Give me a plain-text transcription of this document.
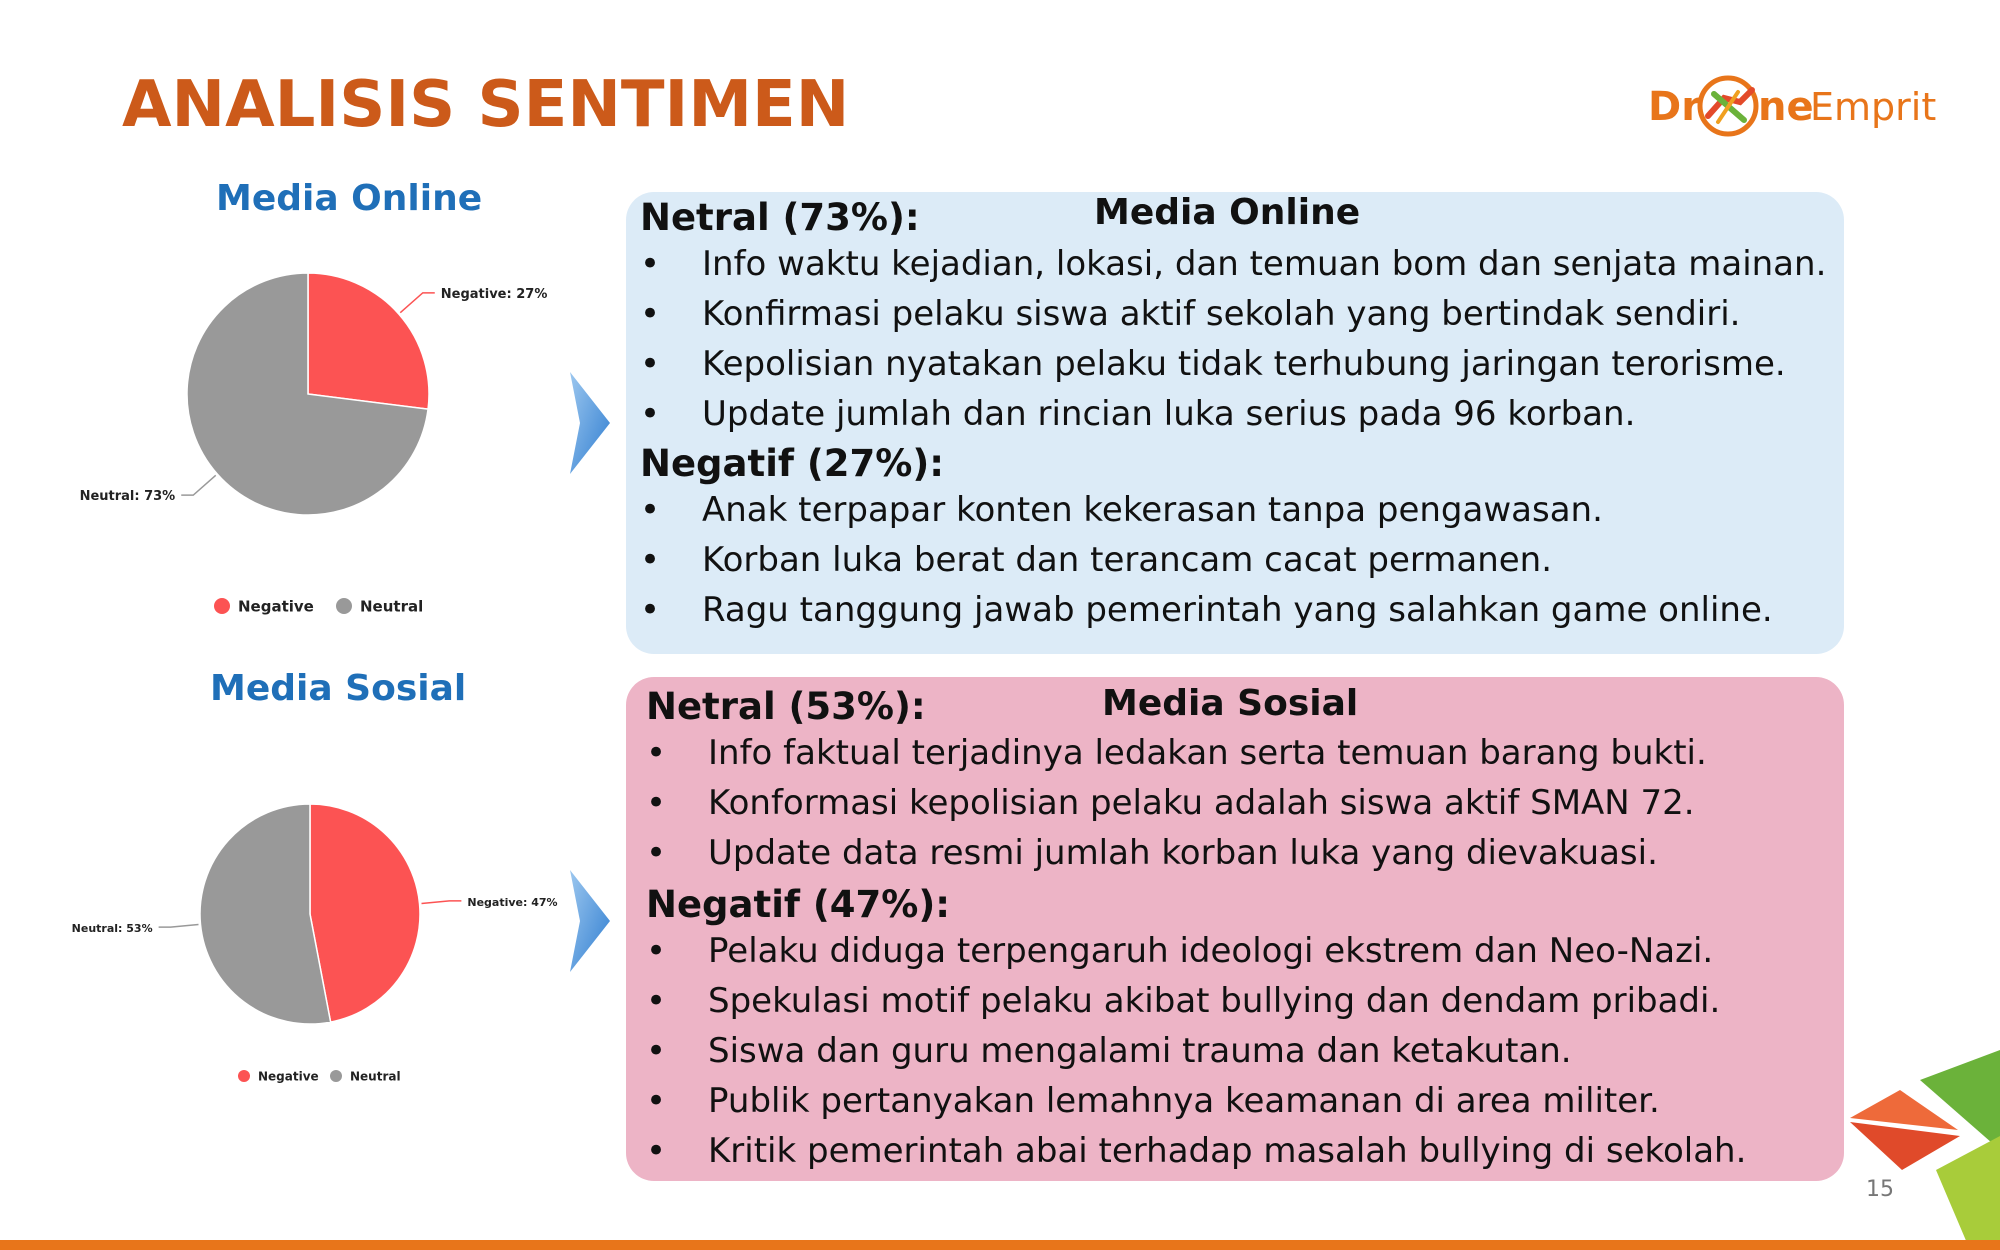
ANALISIS SENTIMEN	Dr ne
Emprit
Media Online
Negative: 27%
Neutral: 73%
Negative	Neutral
Media Sosial
Negative: 47%
Neutral: 53%
Negative	Neutral
Netral (73%):	Media Online
• Info waktu kejadian, lokasi, dan temuan bom dan senjata mainan.
• Konfirmasi pelaku siswa aktif sekolah yang bertindak sendiri.
• Kepolisian nyatakan pelaku tidak terhubung jaringan terorisme.
• Update jumlah dan rincian luka serius pada 96 korban.
Negatif (27%):
• Anak terpapar konten kekerasan tanpa pengawasan.
• Korban luka berat dan terancam cacat permanen.
• Ragu tanggung jawab pemerintah yang salahkan game online.
Netral (53%):	Media Sosial
• Info faktual terjadinya ledakan serta temuan barang bukti.
• Konformasi kepolisian pelaku adalah siswa aktif SMAN 72.
• Update data resmi jumlah korban luka yang dievakuasi.
Negatif (47%):
• Pelaku diduga terpengaruh ideologi ekstrem dan Neo-Nazi.
• Spekulasi motif pelaku akibat bullying dan dendam pribadi.
• Siswa dan guru mengalami trauma dan ketakutan.
• Publik pertanyakan lemahnya keamanan di area militer.
• Kritik pemerintah abai terhadap masalah bullying di sekolah.
15
